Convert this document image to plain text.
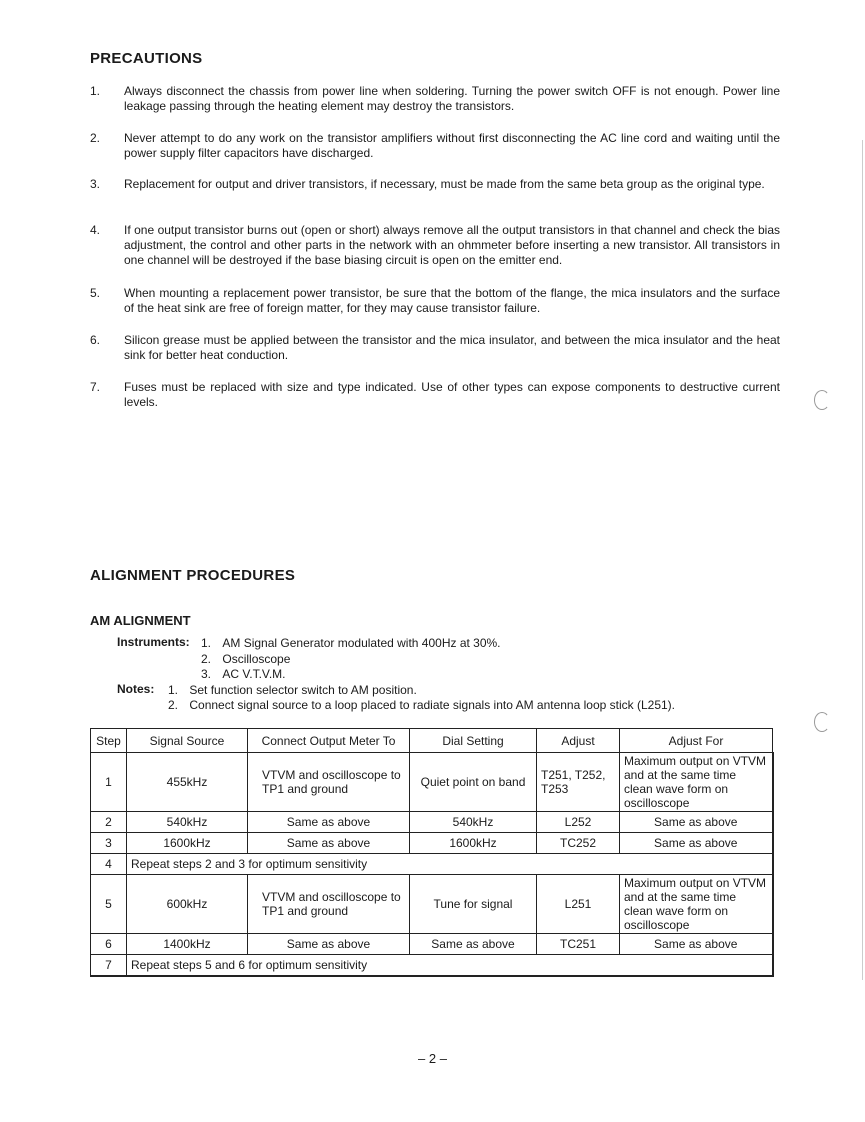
PRECAUTIONS
1. Always disconnect the chassis from power line when soldering. Turning the power switch OFF is not enough. Power line leakage passing through the heating element may destroy the transistors.
2. Never attempt to do any work on the transistor amplifiers without first disconnecting the AC line cord and waiting until the power supply filter capacitors have discharged.
3. Replacement for output and driver transistors, if necessary, must be made from the same beta group as the original type.
4. If one output transistor burns out (open or short) always remove all the output transistors in that channel and check the bias adjustment, the control and other parts in the network with an ohmmeter before inserting a new transistor. All transistors in one channel will be destroyed if the base biasing circuit is open on the emitter end.
5. When mounting a replacement power transistor, be sure that the bottom of the flange, the mica insulators and the surface of the heat sink are free of foreign matter, for they may cause transistor failure.
6. Silicon grease must be applied between the transistor and the mica insulator, and between the mica insulator and the heat sink for better heat conduction.
7. Fuses must be replaced with size and type indicated. Use of other types can expose components to destructive current levels.
ALIGNMENT PROCEDURES
AM ALIGNMENT
Instruments: 1. AM Signal Generator modulated with 400Hz at 30%.
2. Oscilloscope
3. AC V.T.V.M.
Notes: 1. Set function selector switch to AM position.
2. Connect signal source to a loop placed to radiate signals into AM antenna loop stick (L251).
Step	Signal Source	Connect Output Meter To	Dial Setting	Adjust	Adjust For
1	455kHz	VTVM and oscilloscope to TP1 and ground	Quiet point on band	T251, T252, T253	Maximum output on VTVM and at the same time clean wave form on oscilloscope
2	540kHz	Same as above	540kHz	L252	Same as above
3	1600kHz	Same as above	1600kHz	TC252	Same as above
4	Repeat steps 2 and 3 for optimum sensitivity				
5	600kHz	VTVM and oscilloscope to TP1 and ground	Tune for signal	L251	Maximum output on VTVM and at the same time clean wave form on oscilloscope
6	1400kHz	Same as above	Same as above	TC251	Same as above
7	Repeat steps 5 and 6 for optimum sensitivity				
– 2 –
